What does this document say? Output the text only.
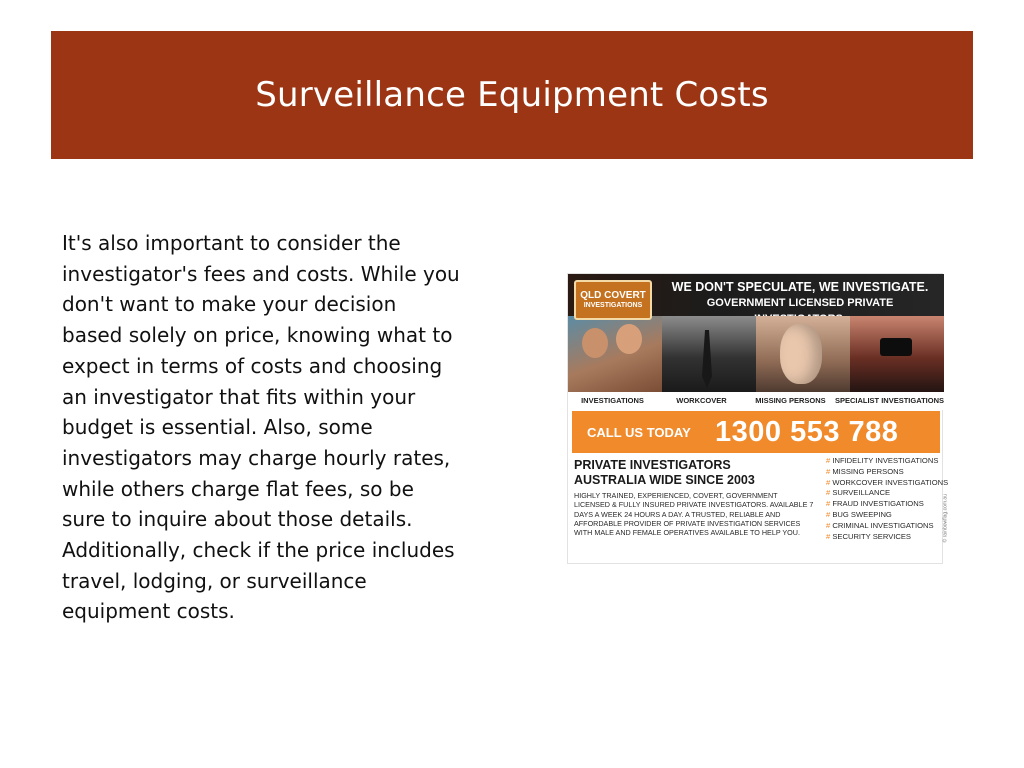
Surveillance Equipment Costs

It's also important to consider the investigator's fees and costs. While you don't want to make your decision based solely on price, knowing what to expect in terms of costs and choosing an investigator that fits within your budget is essential. Also, some investigators may charge hourly rates, while others charge flat fees, so be sure to inquire about those details. Additionally, check if the price includes travel, lodging, or surveillance equipment costs.

QLD COVERT
INVESTIGATIONS
WE DON'T SPECULATE, WE INVESTIGATE.
GOVERNMENT LICENSED PRIVATE
INVESTIGATIONS	WORKCOVER	MISSING PERSONS	SPECIALIST INVESTIGATIONS
CALL US TODAY 1300 553 788
PRIVATE INVESTIGATORS
AUSTRALIA WIDE SINCE 2003
HIGHLY TRAINED, EXPERIENCED, COVERT, GOVERNMENT LICENSED & FULLY INSURED PRIVATE INVESTIGATORS. AVAILABLE 7 DAYS A WEEK 24 HOURS A DAY. A TRUSTED, RELIABLE AND AFFORDABLE PROVIDER OF PRIVATE INVESTIGATION SERVICES WITH MALE AND FEMALE OPERATIVES AVAILABLE TO HELP YOU.
# INFIDELITY INVESTIGATIONS
# MISSING PERSONS
# WORKCOVER INVESTIGATIONS
# SURVEILLANCE
# FRAUD INVESTIGATIONS
# BUG SWEEPING
# CRIMINAL INVESTIGATIONS
# SECURITY SERVICES	© rainbowflag.com.au
